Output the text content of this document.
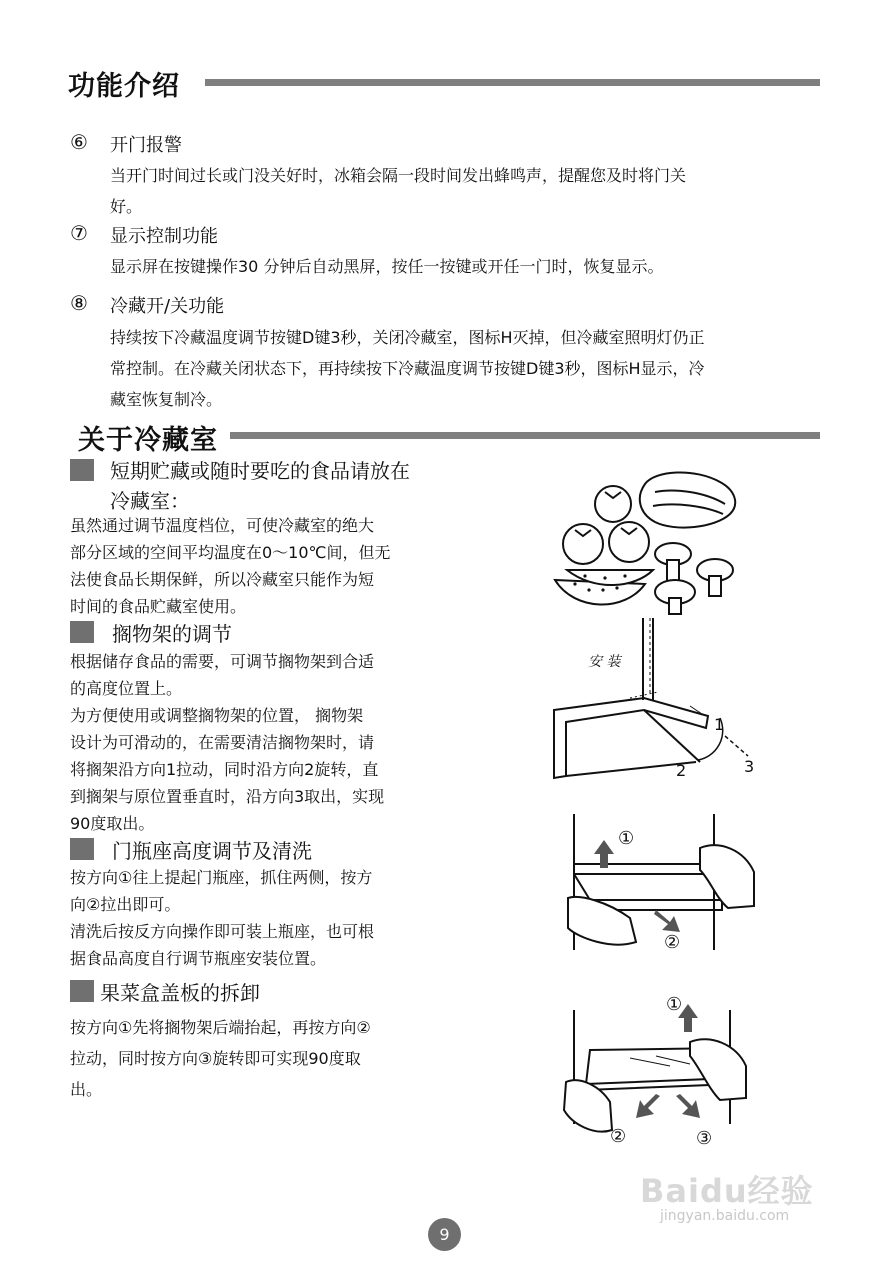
功能介绍
⑥ 开门报警
当开门时间过长或门没关好时，冰箱会隔一段时间发出蜂鸣声，提醒您及时将门关
好。
⑦ 显示控制功能
显示屏在按键操作30 分钟后自动黑屏，按任一按键或开任一门时，恢复显示。
⑧ 冷藏开/关功能
持续按下冷藏温度调节按键D键3秒，关闭冷藏室，图标H灭掉，但冷藏室照明灯仍正
常控制。在冷藏关闭状态下，再持续按下冷藏温度调节按键D键3秒，图标H显示，冷
藏室恢复制冷。
关于冷藏室
短期贮藏或随时要吃的食品请放在
冷藏室：
虽然通过调节温度档位，可使冷藏室的绝大
部分区域的空间平均温度在0～10℃间，但无
法使食品长期保鲜，所以冷藏室只能作为短
时间的食品贮藏室使用。
搁物架的调节
根据储存食品的需要，可调节搁物架到合适
的高度位置上。
为方便使用或调整搁物架的位置， 搁物架
设计为可滑动的，在需要清洁搁物架时，请
将搁架沿方向1拉动，同时沿方向2旋转，直
到搁架与原位置垂直时，沿方向3取出，实现
90度取出。
门瓶座高度调节及清洗
按方向①往上提起门瓶座，抓住两侧，按方
向②拉出即可。
清洗后按反方向操作即可装上瓶座，也可根
据食品高度自行调节瓶座安装位置。
果菜盒盖板的拆卸
按方向①先将搁物架后端抬起，再按方向②
拉动，同时按方向③旋转即可实现90度取
出。
安 装
1
2	3
①
②
①
②	③
Baidu经验
jingyan.baidu.com
9
